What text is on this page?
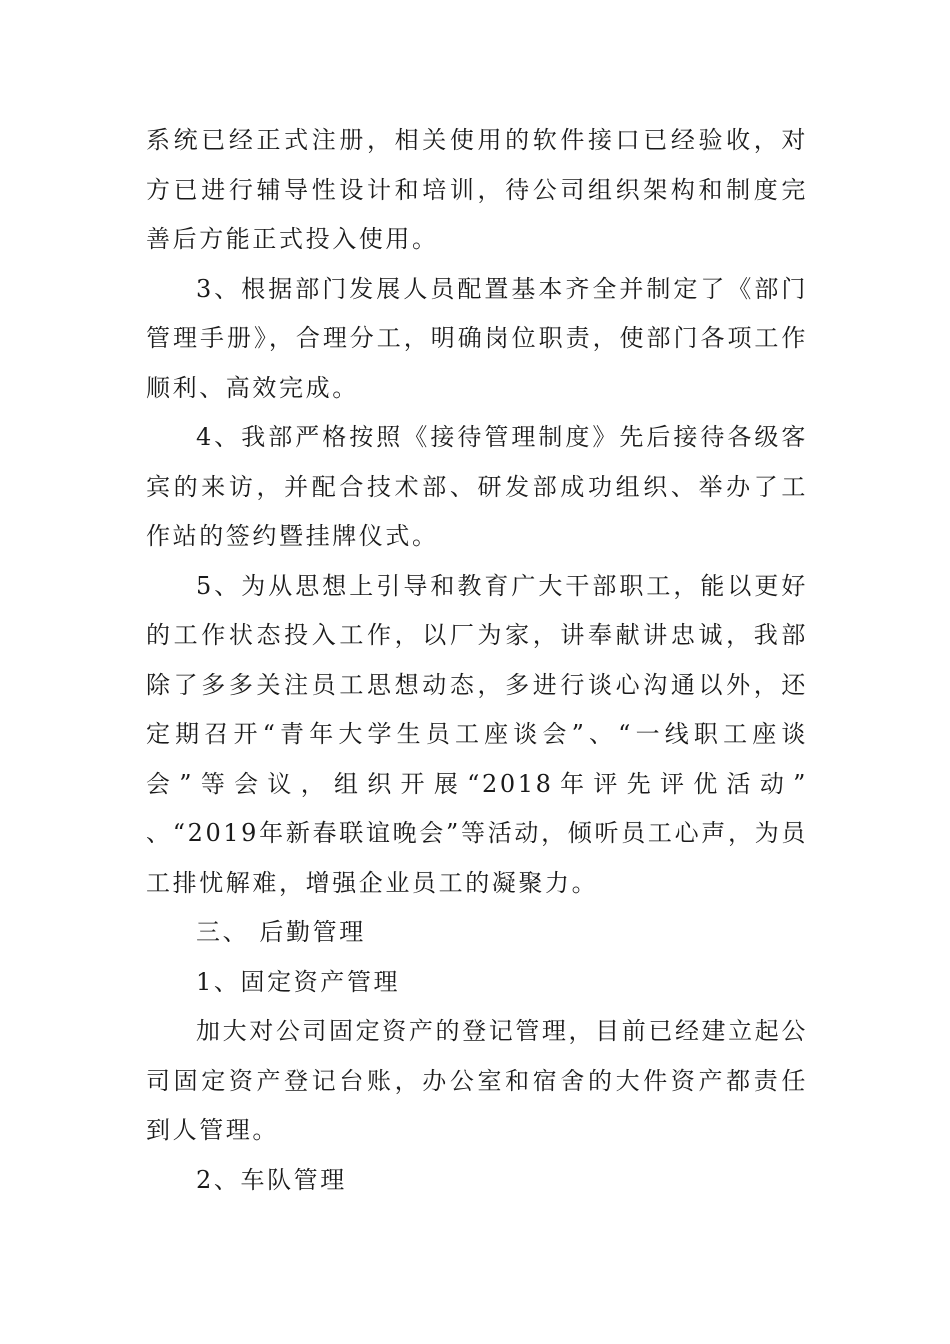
系统已经正式注册，相关使用的软件接口已经验收，对方已进行辅导性设计和培训，待公司组织架构和制度完善后方能正式投入使用。

3、根据部门发展人员配置基本齐全并制定了《部门管理手册》，合理分工，明确岗位职责，使部门各项工作顺利、高效完成。

4、我部严格按照《接待管理制度》先后接待各级客宾的来访，并配合技术部、研发部成功组织、举办了工作站的签约暨挂牌仪式。

5、为从思想上引导和教育广大干部职工，能以更好的工作状态投入工作，以厂为家，讲奉献讲忠诚，我部除了多多关注员工思想动态，多进行谈心沟通以外，还定期召开“青年大学生员工座谈会”、“一线职工座谈会”等会议，组织开展“2018年评先评优活动” 、“2019年新春联谊晚会”等活动，倾听员工心声，为员工排忧解难，增强企业员工的凝聚力。

三、 后勤管理

1、固定资产管理

加大对公司固定资产的登记管理，目前已经建立起公司固定资产登记台账，办公室和宿舍的大件资产都责任到人管理。

2、车队管理
